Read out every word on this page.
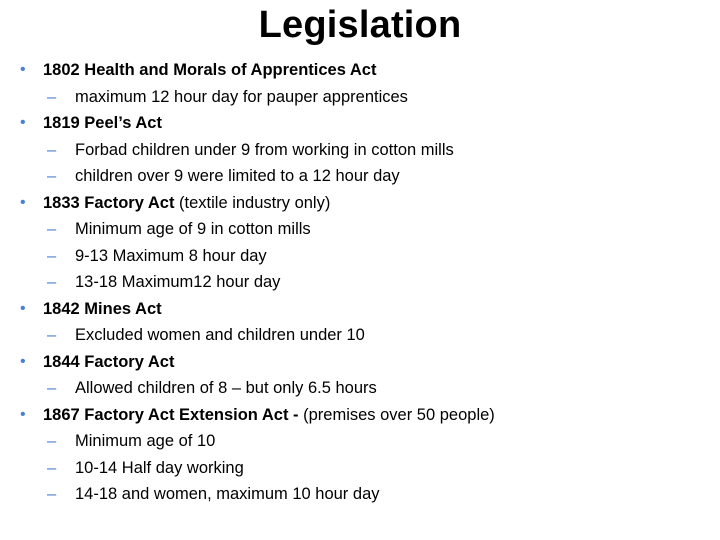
Legislation
• 1802 Health and Morals of Apprentices Act
– maximum 12 hour day for pauper apprentices
• 1819 Peel’s Act
– Forbad children under 9 from working in cotton mills
– children over 9 were limited to a 12 hour day
• 1833 Factory Act (textile industry only)
– Minimum age of 9 in cotton mills
– 9-13 Maximum 8 hour day
– 13-18 Maximum12 hour day
• 1842 Mines Act
– Excluded women and children under 10
• 1844 Factory Act
– Allowed children of 8 – but only 6.5 hours
• 1867 Factory Act Extension Act - (premises over 50 people)
– Minimum age of 10
– 10-14 Half day working
– 14-18 and women, maximum 10 hour day
